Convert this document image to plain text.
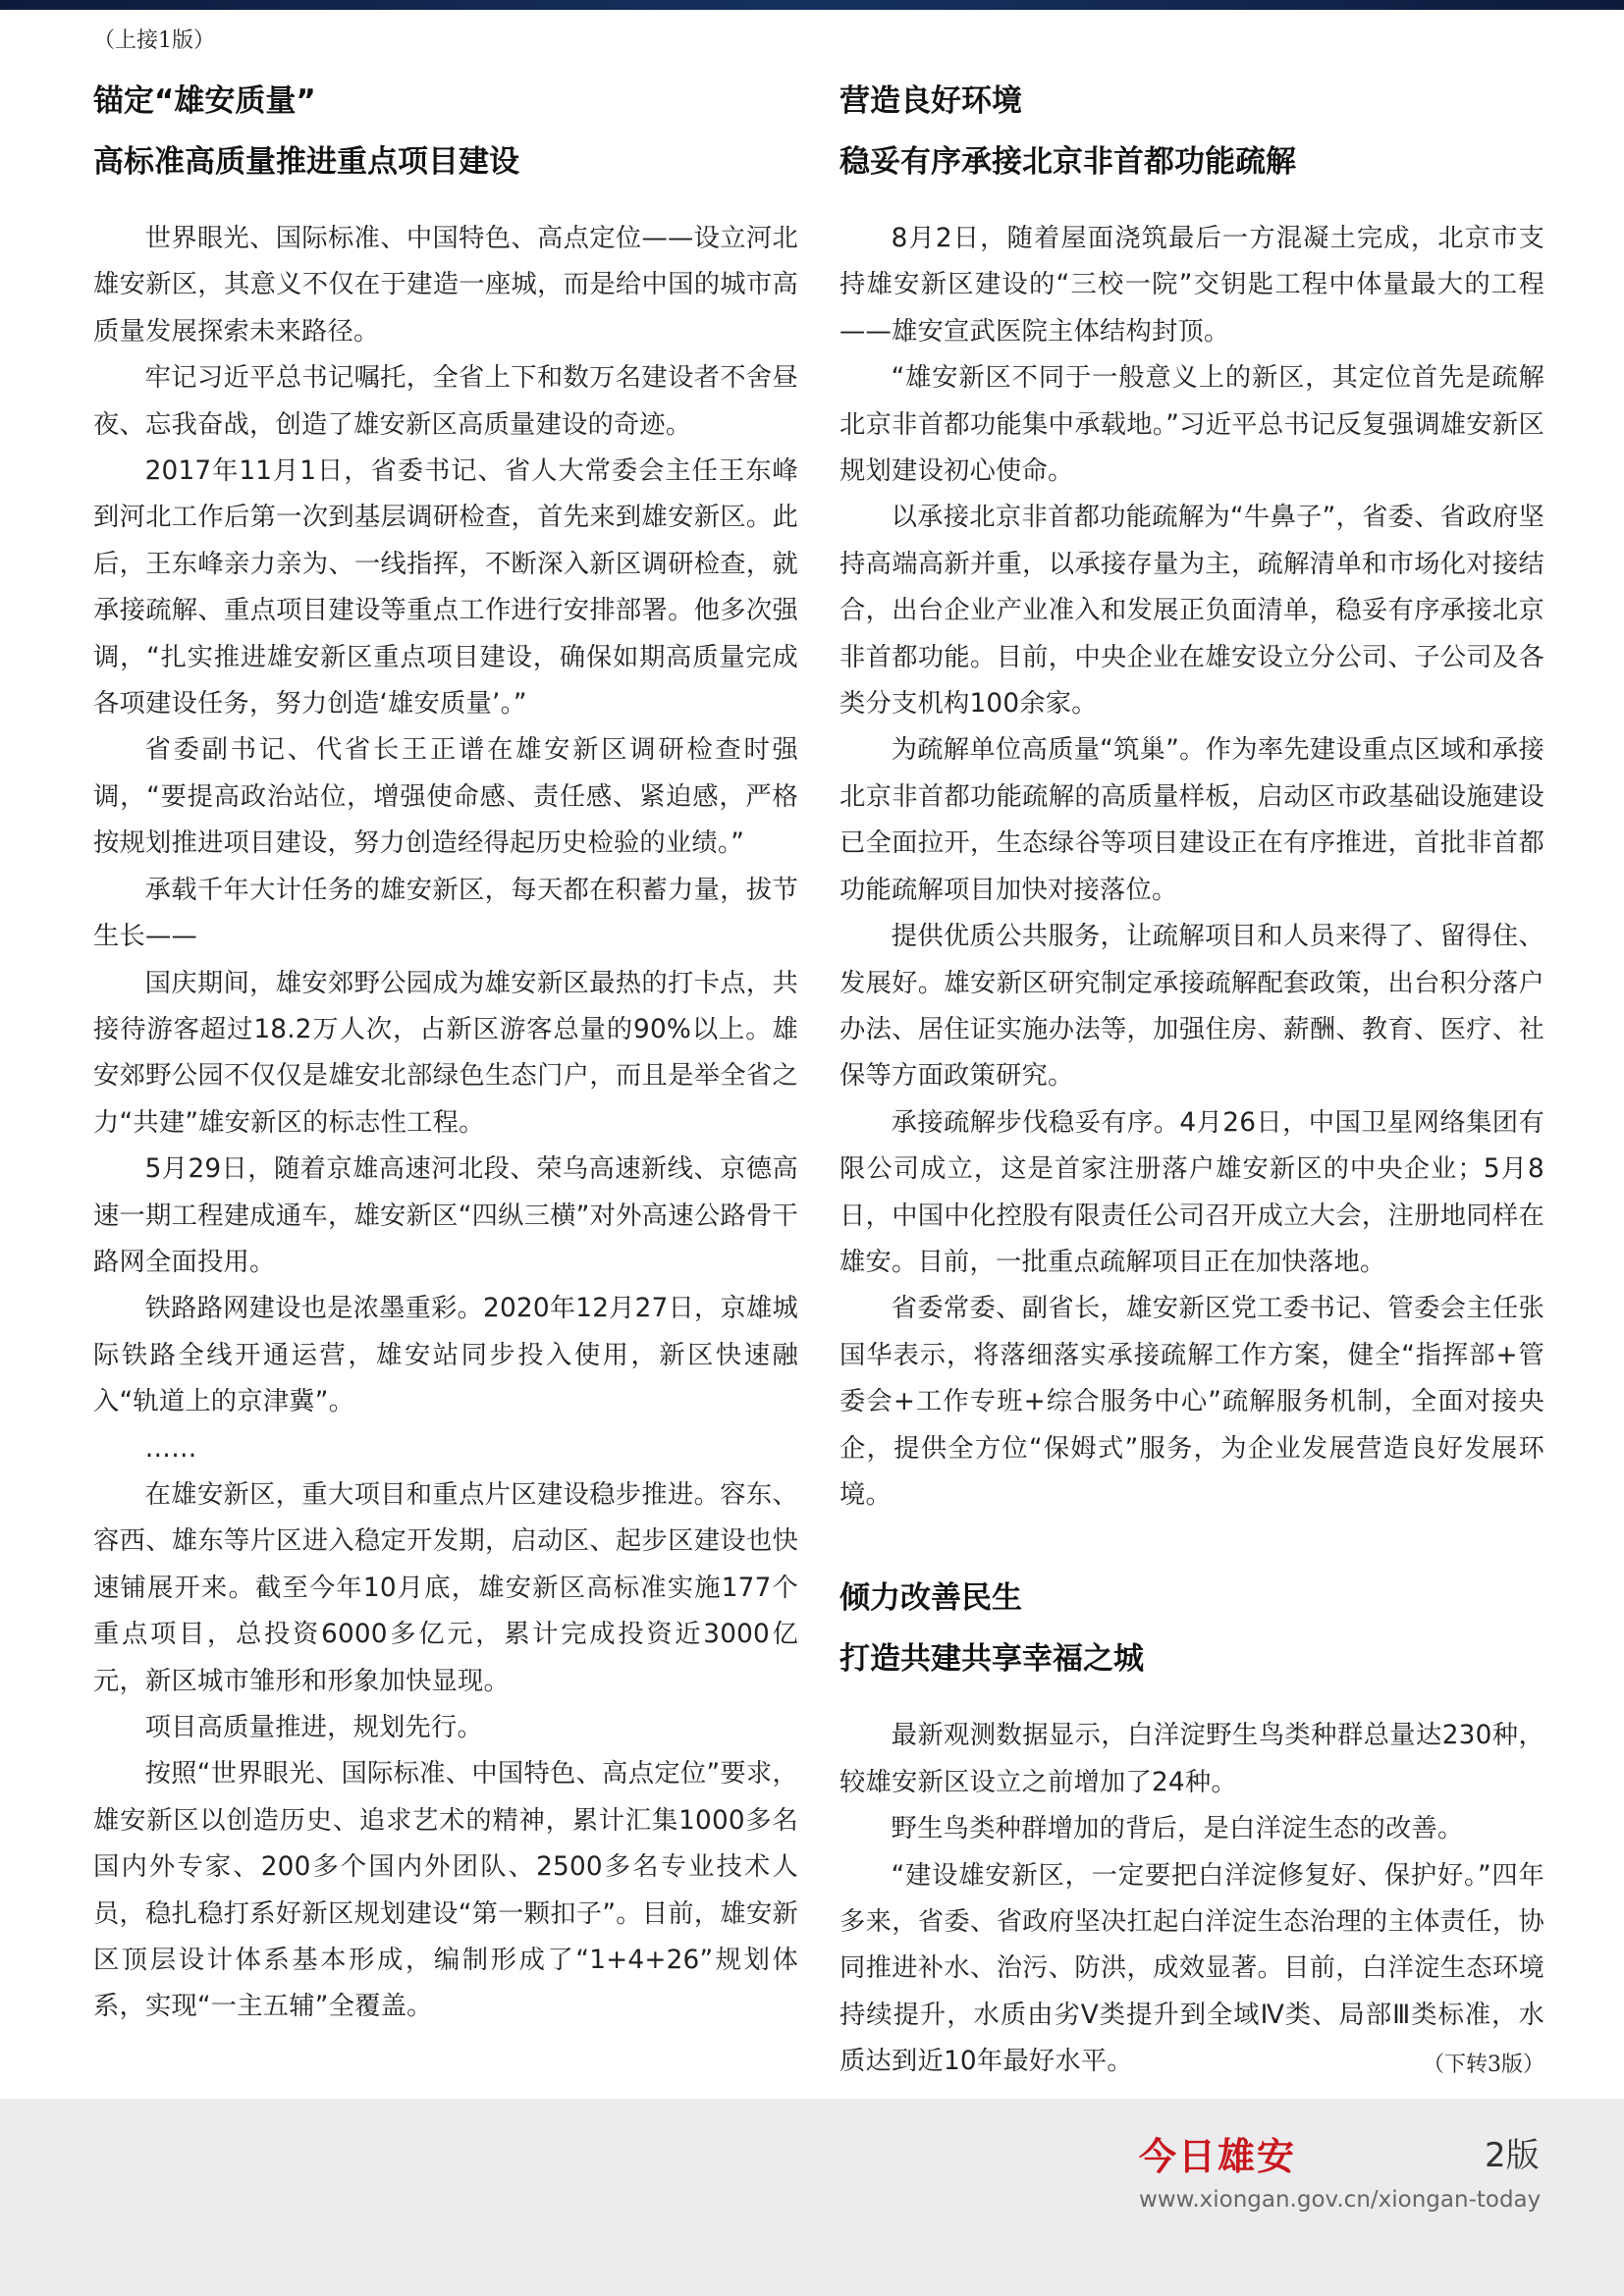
（上接1版）
锚定“雄安质量”
高标准高质量推进重点项目建设

世界眼光、国际标准、中国特色、高点定位——设立河北雄安新区，其意义不仅在于建造一座城，而是给中国的城市高质量发展探索未来路径。

牢记习近平总书记嘱托，全省上下和数万名建设者不舍昼夜、忘我奋战，创造了雄安新区高质量建设的奇迹。

2017年11月1日，省委书记、省人大常委会主任王东峰到河北工作后第一次到基层调研检查，首先来到雄安新区。此后，王东峰亲力亲为、一线指挥，不断深入新区调研检查，就承接疏解、重点项目建设等重点工作进行安排部署。他多次强调，“扎实推进雄安新区重点项目建设，确保如期高质量完成各项建设任务，努力创造‘雄安质量’。”

省委副书记、代省长王正谱在雄安新区调研检查时强调，“要提高政治站位，增强使命感、责任感、紧迫感，严格按规划推进项目建设，努力创造经得起历史检验的业绩。”

承载千年大计任务的雄安新区，每天都在积蓄力量，拔节生长——

国庆期间，雄安郊野公园成为雄安新区最热的打卡点，共接待游客超过18.2万人次，占新区游客总量的90%以上。雄安郊野公园不仅仅是雄安北部绿色生态门户，而且是举全省之力“共建”雄安新区的标志性工程。

5月29日，随着京雄高速河北段、荣乌高速新线、京德高速一期工程建成通车，雄安新区“四纵三横”对外高速公路骨干路网全面投用。

铁路路网建设也是浓墨重彩。2020年12月27日，京雄城际铁路全线开通运营，雄安站同步投入使用，新区快速融入“轨道上的京津冀”。

……

在雄安新区，重大项目和重点片区建设稳步推进。容东、容西、雄东等片区进入稳定开发期，启动区、起步区建设也快速铺展开来。截至今年10月底，雄安新区高标准实施177个重点项目，总投资6000多亿元，累计完成投资近3000亿元，新区城市雏形和形象加快显现。

项目高质量推进，规划先行。

按照“世界眼光、国际标准、中国特色、高点定位”要求，雄安新区以创造历史、追求艺术的精神，累计汇集1000多名国内外专家、200多个国内外团队、2500多名专业技术人员，稳扎稳打系好新区规划建设“第一颗扣子”。目前，雄安新区顶层设计体系基本形成，编制形成了“1+4+26”规划体系，实现“一主五辅”全覆盖。

营造良好环境
稳妥有序承接北京非首都功能疏解

8月2日，随着屋面浇筑最后一方混凝土完成，北京市支持雄安新区建设的“三校一院”交钥匙工程中体量最大的工程——雄安宣武医院主体结构封顶。

“雄安新区不同于一般意义上的新区，其定位首先是疏解北京非首都功能集中承载地。”习近平总书记反复强调雄安新区规划建设初心使命。

以承接北京非首都功能疏解为“牛鼻子”，省委、省政府坚持高端高新并重，以承接存量为主，疏解清单和市场化对接结合，出台企业产业准入和发展正负面清单，稳妥有序承接北京非首都功能。目前，中央企业在雄安设立分公司、子公司及各类分支机构100余家。

为疏解单位高质量“筑巢”。作为率先建设重点区域和承接北京非首都功能疏解的高质量样板，启动区市政基础设施建设已全面拉开，生态绿谷等项目建设正在有序推进，首批非首都功能疏解项目加快对接落位。

提供优质公共服务，让疏解项目和人员来得了、留得住、发展好。雄安新区研究制定承接疏解配套政策，出台积分落户办法、居住证实施办法等，加强住房、薪酬、教育、医疗、社保等方面政策研究。

承接疏解步伐稳妥有序。4月26日，中国卫星网络集团有限公司成立，这是首家注册落户雄安新区的中央企业；5月8日，中国中化控股有限责任公司召开成立大会，注册地同样在雄安。目前，一批重点疏解项目正在加快落地。

省委常委、副省长，雄安新区党工委书记、管委会主任张国华表示，将落细落实承接疏解工作方案，健全“指挥部+管委会+工作专班+综合服务中心”疏解服务机制，全面对接央企，提供全方位“保姆式”服务，为企业发展营造良好发展环境。

倾力改善民生
打造共建共享幸福之城

最新观测数据显示，白洋淀野生鸟类种群总量达230种，较雄安新区设立之前增加了24种。

野生鸟类种群增加的背后，是白洋淀生态的改善。

“建设雄安新区，一定要把白洋淀修复好、保护好。”四年多来，省委、省政府坚决扛起白洋淀生态治理的主体责任，协同推进补水、治污、防洪，成效显著。目前，白洋淀生态环境持续提升，水质由劣Ⅴ类提升到全域Ⅳ类、局部Ⅲ类标准，水质达到近10年最好水平。	（下转3版）
今日雄安	2版
www.xiongan.gov.cn/xiongan-today
